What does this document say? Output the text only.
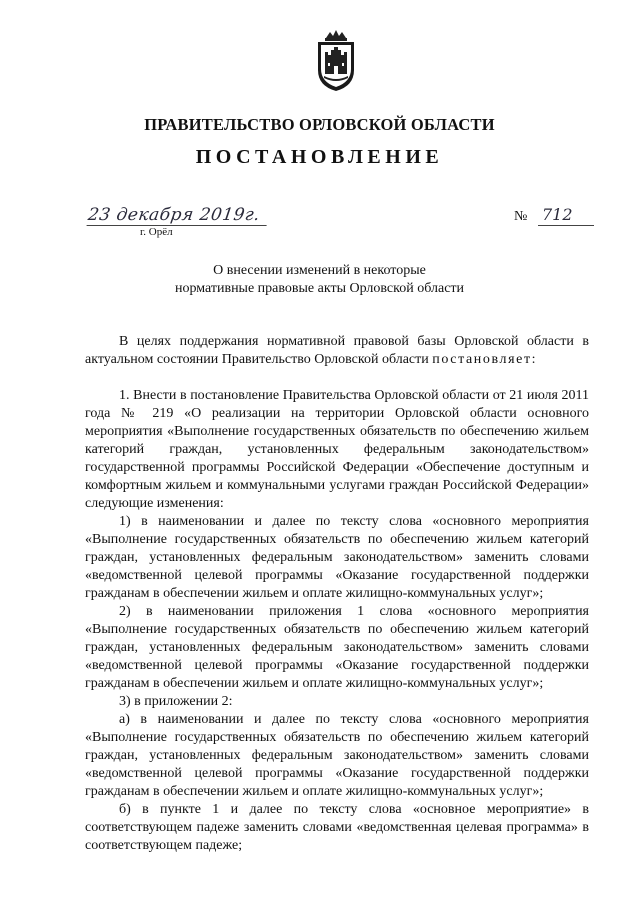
ПРАВИТЕЛЬСТВО ОРЛОВСКОЙ ОБЛАСТИ
ПОСТАНОВЛЕНИЕ
23 декабря 2019г.
г. Орёл
№ 712
О внесении изменений в некоторые
нормативные правовые акты Орловской области

В целях поддержания нормативной правовой базы Орловской области в актуальном состоянии Правительство Орловской области постановляет:

1. Внести в постановление Правительства Орловской области от 21 июля 2011 года № 219 «О реализации на территории Орловской области основного мероприятия «Выполнение государственных обязательств по обеспечению жильем категорий граждан, установленных федеральным законодательством» государственной программы Российской Федерации «Обеспечение доступным и комфортным жильем и коммунальными услугами граждан Российской Федерации» следующие изменения:

1) в наименовании и далее по тексту слова «основного мероприятия «Выполнение государственных обязательств по обеспечению жильем категорий граждан, установленных федеральным законодательством» заменить словами «ведомственной целевой программы «Оказание государственной поддержки гражданам в обеспечении жильем и оплате жилищно-коммунальных услуг»;

2) в наименовании приложения 1 слова «основного мероприятия «Выполнение государственных обязательств по обеспечению жильем категорий граждан, установленных федеральным законодательством» заменить словами «ведомственной целевой программы «Оказание государственной поддержки гражданам в обеспечении жильем и оплате жилищно-коммунальных услуг»;

3) в приложении 2:

а) в наименовании и далее по тексту слова «основного мероприятия «Выполнение государственных обязательств по обеспечению жильем категорий граждан, установленных федеральным законодательством» заменить словами «ведомственной целевой программы «Оказание государственной поддержки гражданам в обеспечении жильем и оплате жилищно-коммунальных услуг»;

б) в пункте 1 и далее по тексту слова «основное мероприятие» в соответствующем падеже заменить словами «ведомственная целевая программа» в соответствующем падеже;
